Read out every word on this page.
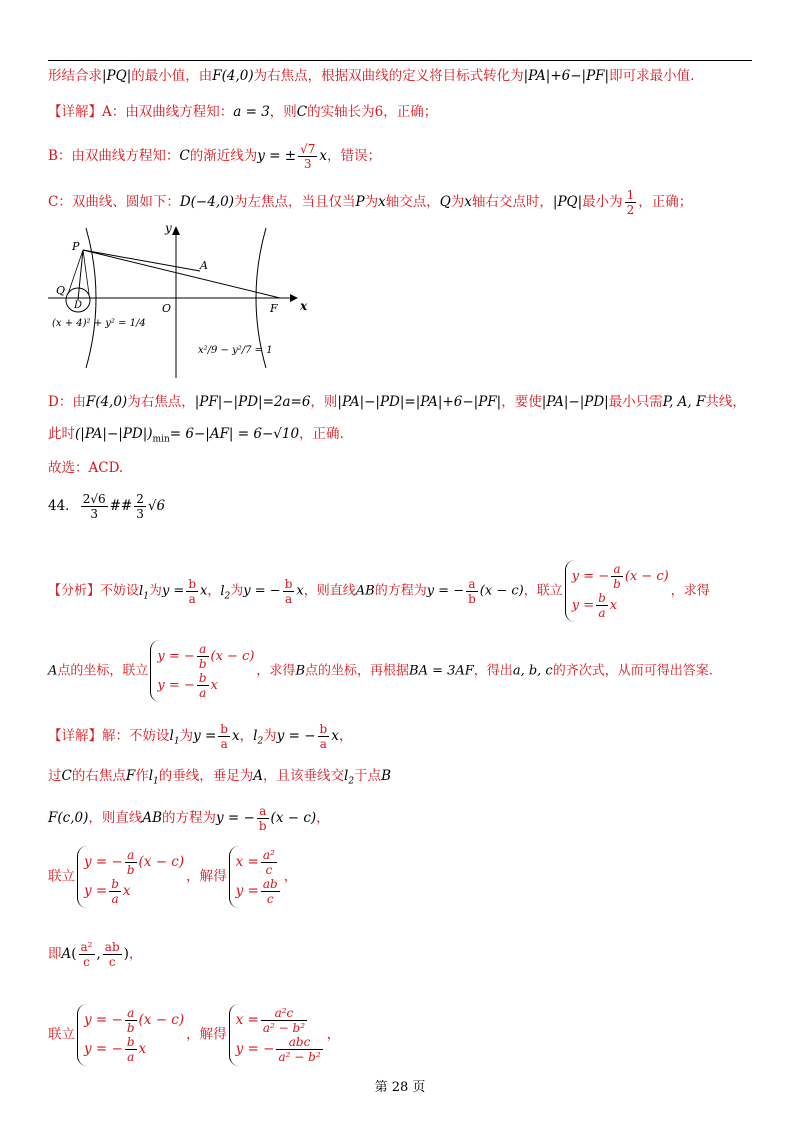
形结合求|PQ|的最小值，由F(4,0)为右焦点，根据双曲线的定义将目标式转化为|PA|+6−|PF|即可求最小值.
【详解】A：由双曲线方程知：a = 3，则C的实轴长为6，正确；
B：由双曲线方程知：C的渐近线为y = ± $\frac{√7}{3}$ x，错误；
C：双曲线、圆如下：D(−4,0)为左焦点，当且仅当P为x轴交点，Q为x轴右交点时，|PQ|最小为 $\frac{1}{2}$ ，正确；
y
x
O
P
A
Q
D	F
(x + 4)² + y² = 1/4
x²/9 − y²/7 = 1
D：由F(4,0)为右焦点，|PF|−|PD|=2a=6，则|PA|−|PD|=|PA|+6−|PF|，要使|PA|−|PD|最小只需P, A, F共线，
此时$(|PA|-|PD|)_{min}= 6-|AF| = 6-√10$，正确.
故选：ACD.
44． $\frac{2√6}{3}$ ## $\frac{2}{3} √6$
【分析】不妨设$l_1$为$y = \frac{b}{a}$ x，$l_2$为y = − $\frac{b}{a}$ x，则直线AB的方程为y = − $\frac{a}{b} (x - c)$，联立
y = − $\frac{a}{b} (x - c)$
$y = \frac{b}{a}$ x
，求得
A点的坐标，联立
y = − $\frac{a}{b} (x - c)$
y = − $\frac{b}{a}$ x
，求得B点的坐标，再根据BA = 3AF，得出a, b, c的齐次式，从而可得出答案.
【详解】解：不妨设$l_1$为$y = \frac{b}{a}$ x，$l_2$为y = − $\frac{b}{a}$ x，
过C的右焦点F作$l_1$的垂线，垂足为A，且该垂线交$l_2$于点B
F(c,0)，则直线AB的方程为y = − $\frac{a}{b} (x - c)$，
联立
y = − $\frac{a}{b} (x - c)$
$y = \frac{b}{a}$ x
，解得
$x = \frac{\text{a²}}{c}$
$y = \frac{ab}{c}$
，
即$A( \frac{\text{a²}}{c}$ , $\frac{ab}{c}$ )，
联立
y = − $\frac{a}{b} (x - c)$
y = − $\frac{b}{a}$ x
，解得
$x = \frac{\text{a²c}}{\text{a² − b²}}$
y = − $\frac{\text{abc}}{\text{a² − b²}}$
，
第 28 页
